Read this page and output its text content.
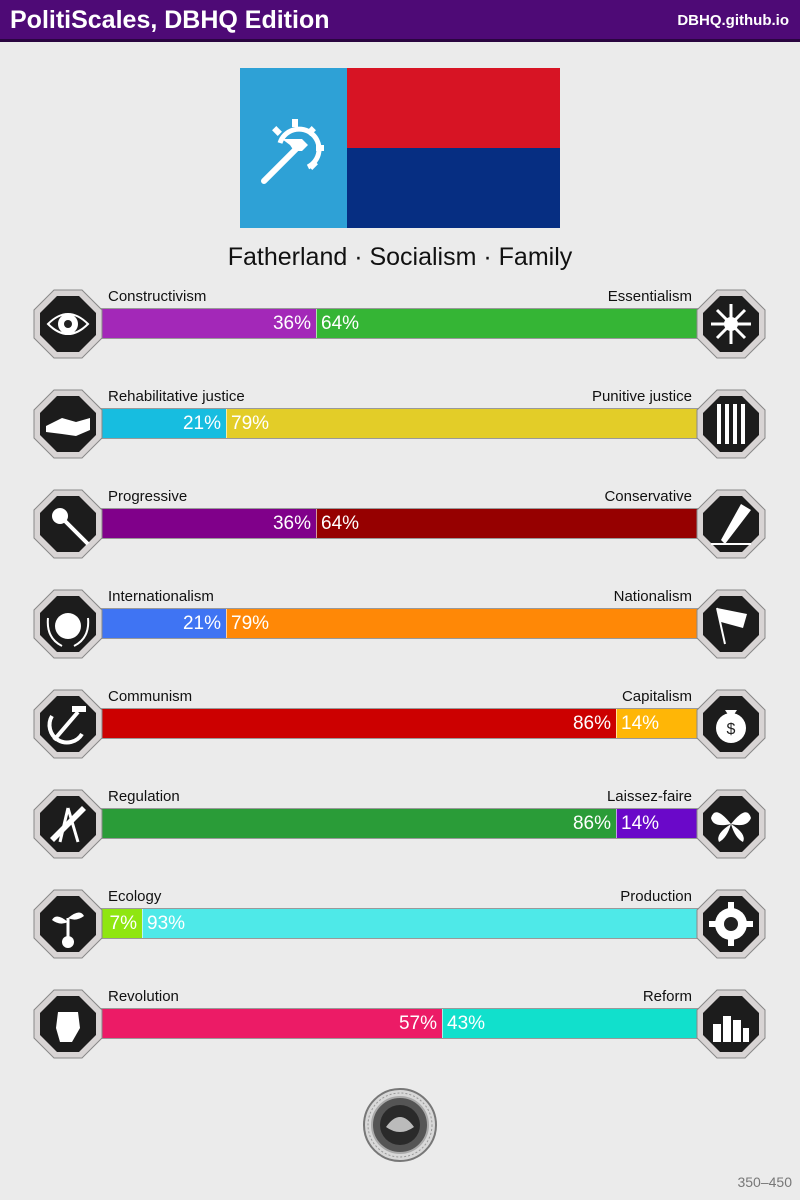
PolitiScales, DBHQ Edition	DBHQ.github.io
Fatherland · Socialism · Family
Constructivism	Essentialism
36% 64%
Rehabilitative justice	Punitive justice
21% 79%
Progressive	Conservative
36% 64%
Internationalism	Nationalism
21% 79%
Communism	Capitalism
86% 14%	$
Regulation	Laissez-faire
86% 14%
Ecology	Production
7% 93%
Revolution	Reform
57% 43%
350–450
